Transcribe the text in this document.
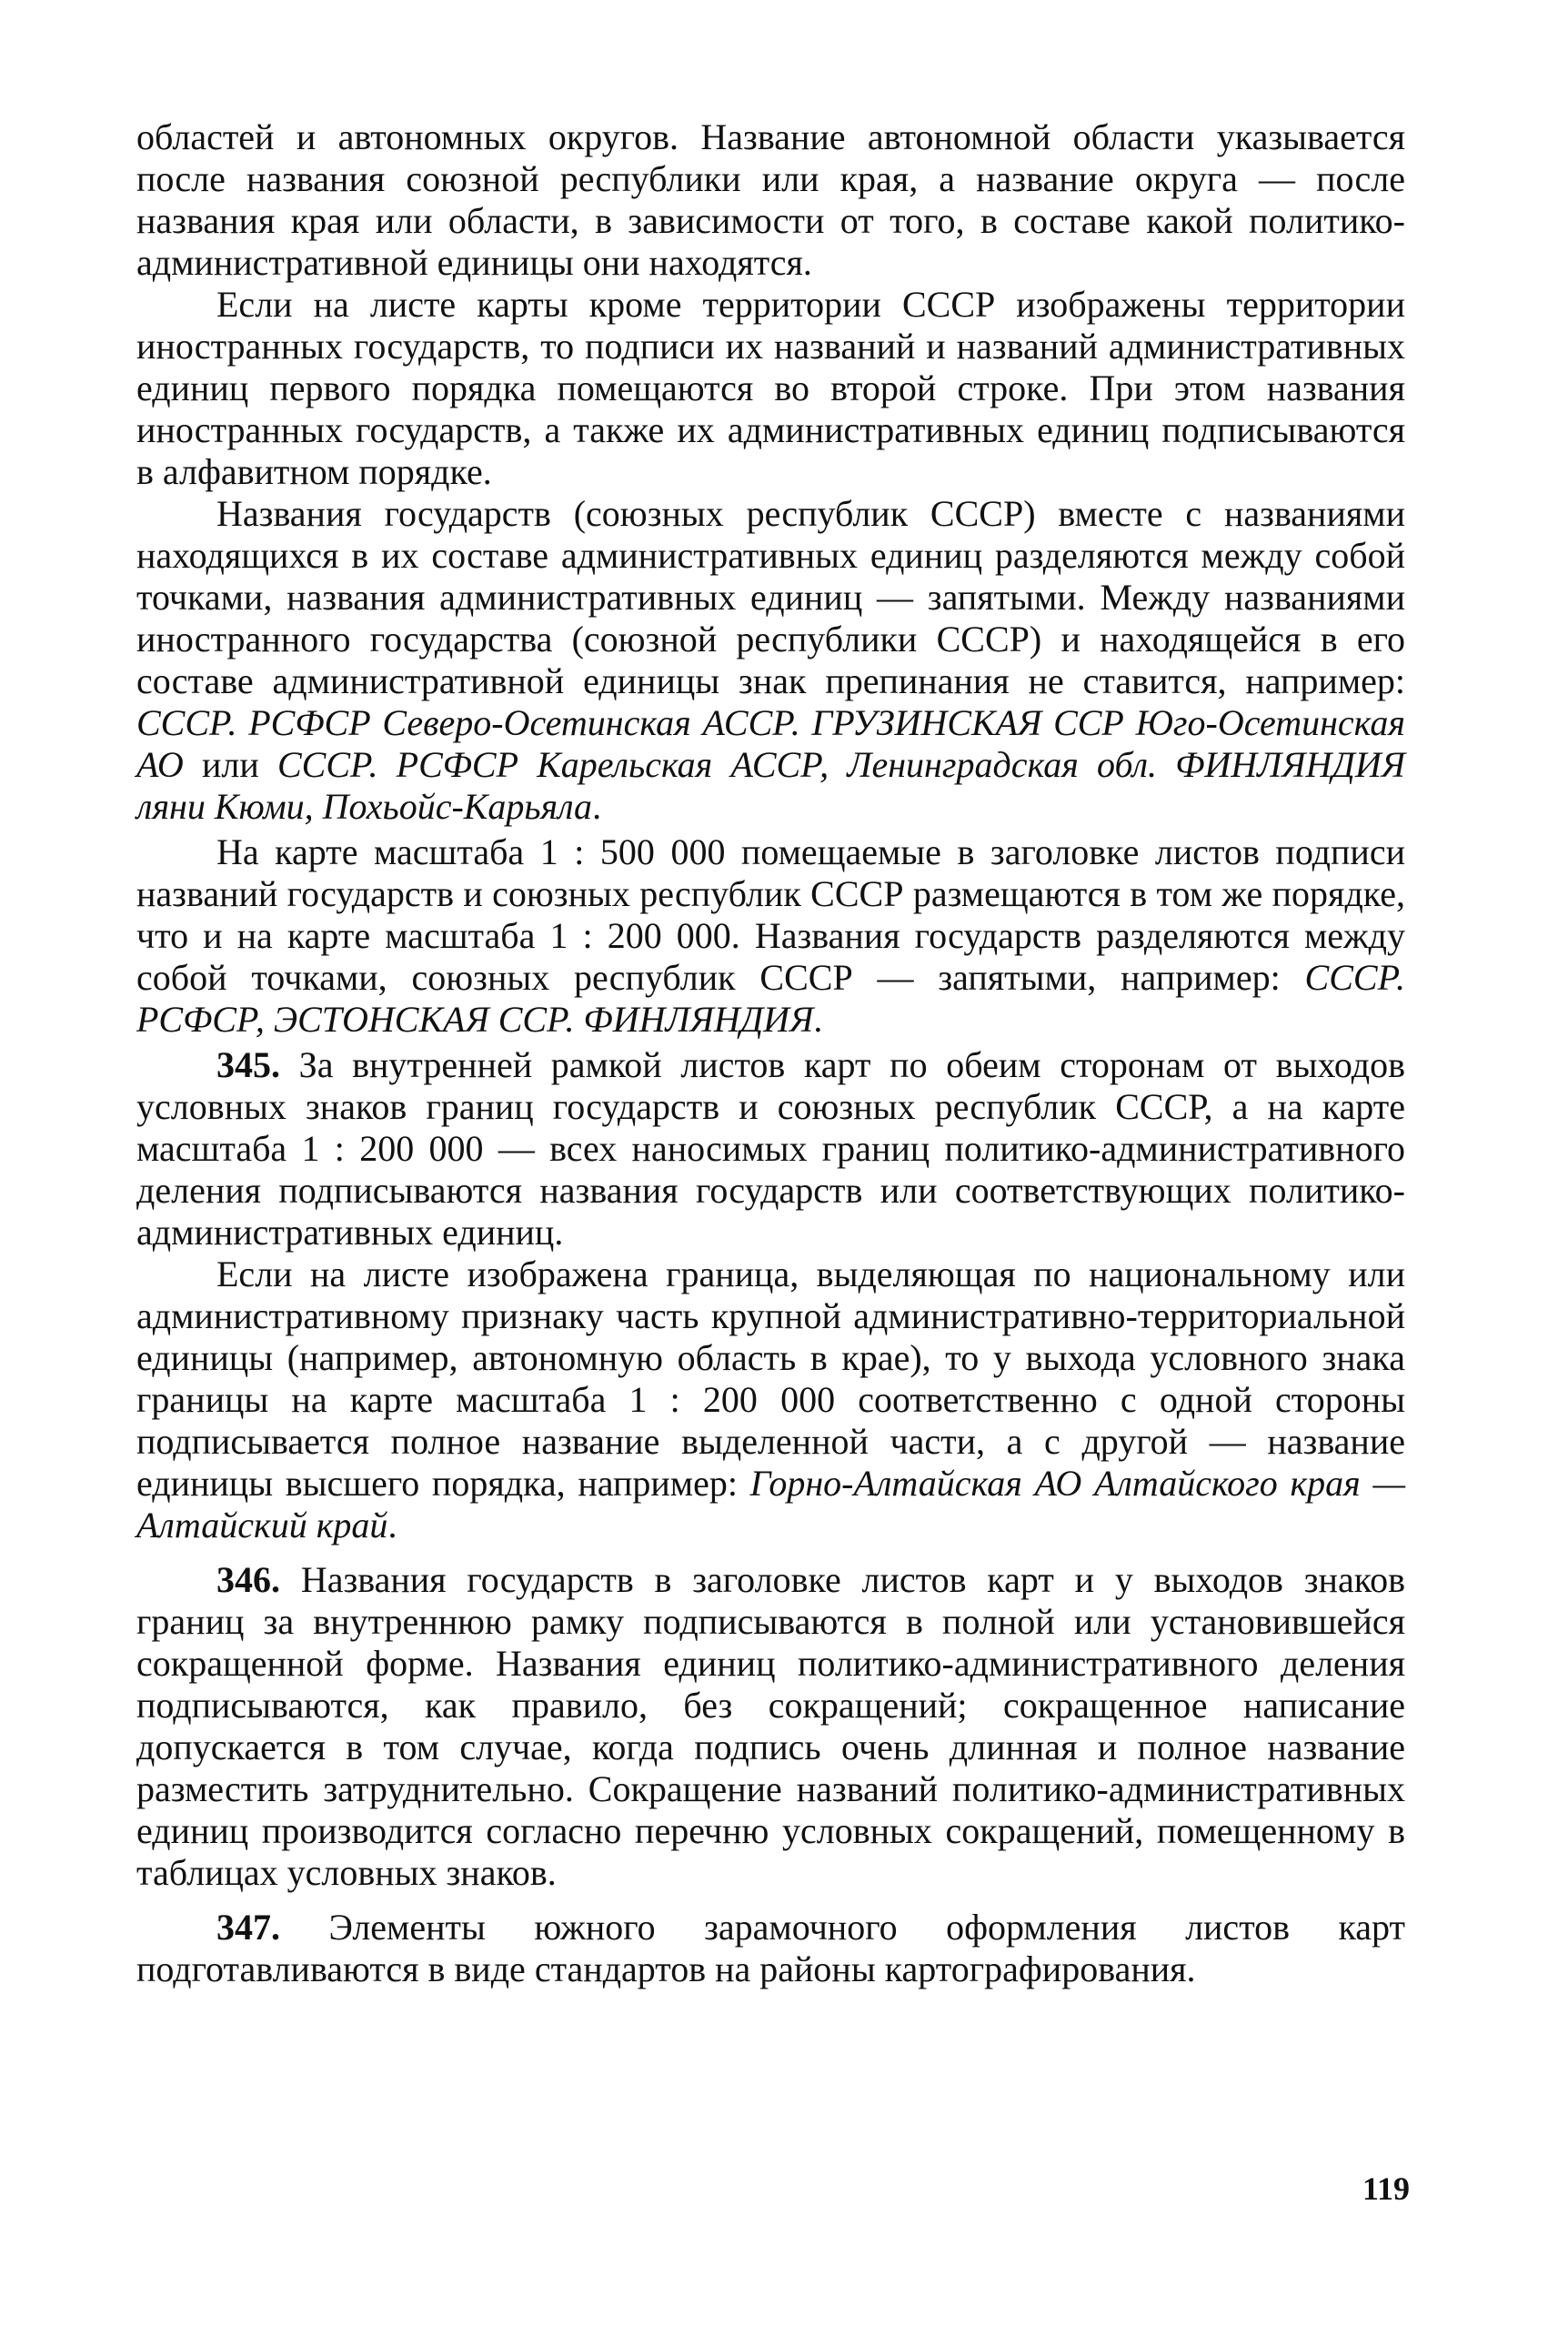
областей и автономных округов. Название автономной области указывается после названия союзной республики или края, а название округа — после названия края или области, в зависимости от того, в составе какой политико-административной единицы они находятся.

Если на листе карты кроме территории СССР изображены территории иностранных государств, то подписи их названий и названий административных единиц первого порядка помещаются во второй строке. При этом названия иностранных государств, а также их административных единиц подписываются в алфавитном порядке.

Названия государств (союзных республик СССР) вместе с названиями находящихся в их составе административных единиц разделяются между собой точками, названия административных единиц — запятыми. Между названиями иностранного государства (союзной республики СССР) и находящейся в его составе административной единицы знак препинания не ставится, например: СССР. РСФСР Северо-Осетинская АССР. ГРУЗИНСКАЯ ССР Юго-Осетинская АО или СССР. РСФСР Карельская АССР, Ленинградская обл. ФИНЛЯНДИЯ ляни Кюми, Похьойс-Карьяла.

На карте масштаба 1 : 500 000 помещаемые в заголовке листов подписи названий государств и союзных республик СССР размещаются в том же порядке, что и на карте масштаба 1 : 200 000. Названия государств разделяются между собой точками, союзных республик СССР — запятыми, например: СССР. РСФСР, ЭСТОНСКАЯ ССР. ФИНЛЯНДИЯ.

345. За внутренней рамкой листов карт по обеим сторонам от выходов условных знаков границ государств и союзных республик СССР, а на карте масштаба 1 : 200 000 — всех наносимых границ политико-административного деления подписываются названия государств или соответствующих политико-административных единиц.

Если на листе изображена граница, выделяющая по национальному или административному признаку часть крупной административно-территориальной единицы (например, автономную область в крае), то у выхода условного знака границы на карте масштаба 1 : 200 000 соответственно с одной стороны подписывается полное название выделенной части, а с другой — название единицы высшего порядка, например: Горно-Алтайская АО Алтайского края — Алтайский край.

346. Названия государств в заголовке листов карт и у выходов знаков границ за внутреннюю рамку подписываются в полной или установившейся сокращенной форме. Названия единиц политико-административного деления подписываются, как правило, без сокращений; сокращенное написание допускается в том случае, когда подпись очень длинная и полное название разместить затруднительно. Сокращение названий политико-административных единиц производится согласно перечню условных сокращений, помещенному в таблицах условных знаков.

347. Элементы южного зарамочного оформления листов карт подготавливаются в виде стандартов на районы картографирования.

119
